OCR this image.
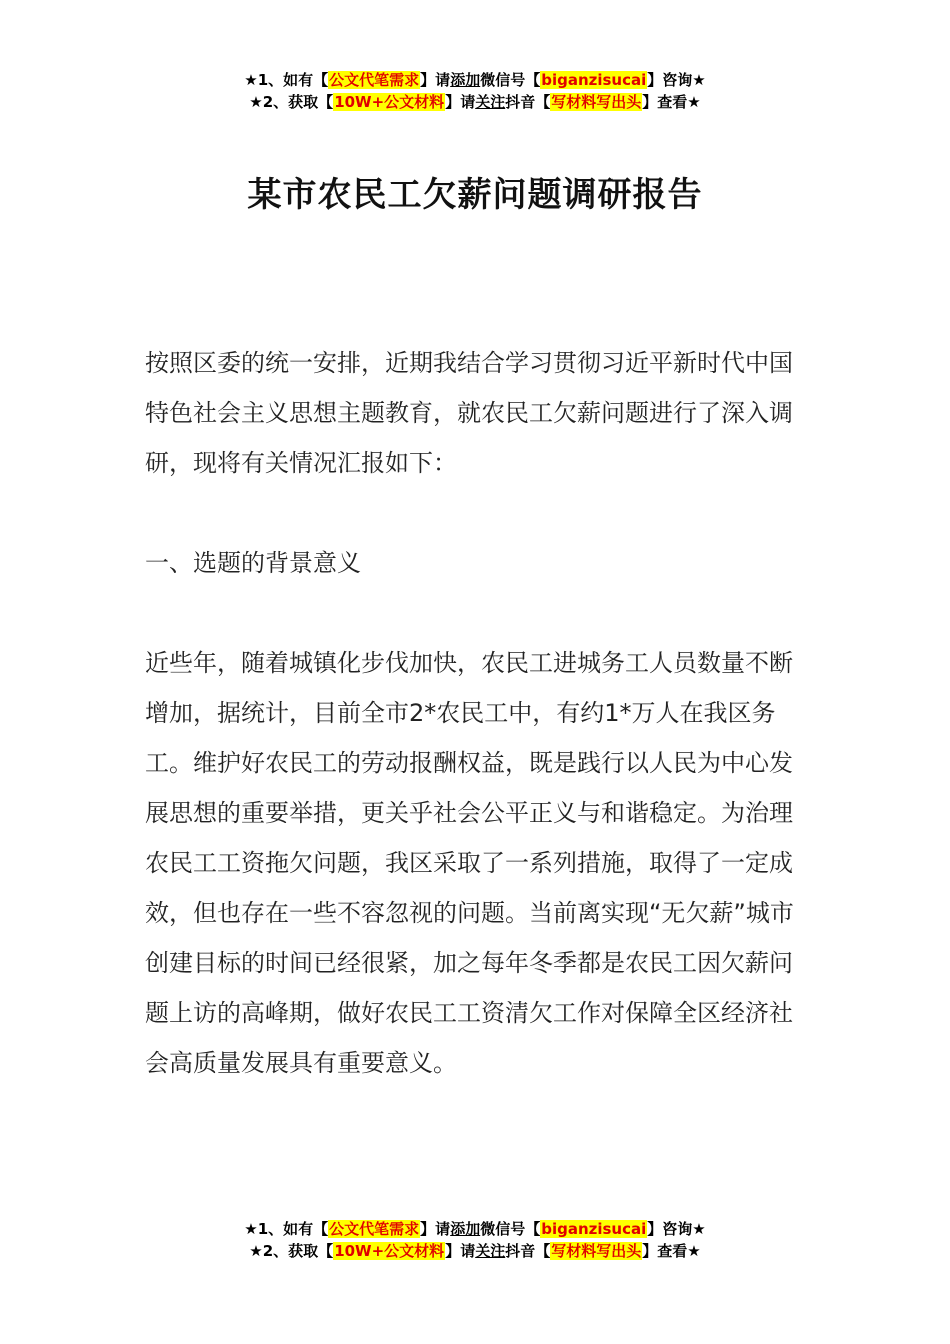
★1、如有【公文代笔需求】请添加微信号【biganzisucai】咨询★
★2、获取【10W+公文材料】请关注抖音【写材料写出头】查看★
某市农民工欠薪问题调研报告

按照区委的统一安排，近期我结合学习贯彻习近平新时代中国特色社会主义思想主题教育，就农民工欠薪问题进行了深入调研，现将有关情况汇报如下：

一、选题的背景意义

近些年，随着城镇化步伐加快，农民工进城务工人员数量不断增加，据统计，目前全市2*农民工中，有约1*万人在我区务工。维护好农民工的劳动报酬权益，既是践行以人民为中心发展思想的重要举措，更关乎社会公平正义与和谐稳定。为治理农民工工资拖欠问题，我区采取了一系列措施，取得了一定成效，但也存在一些不容忽视的问题。当前离实现“无欠薪”城市创建目标的时间已经很紧，加之每年冬季都是农民工因欠薪问题上访的高峰期，做好农民工工资清欠工作对保障全区经济社会高质量发展具有重要意义。

★1、如有【公文代笔需求】请添加微信号【biganzisucai】咨询★
★2、获取【10W+公文材料】请关注抖音【写材料写出头】查看★
